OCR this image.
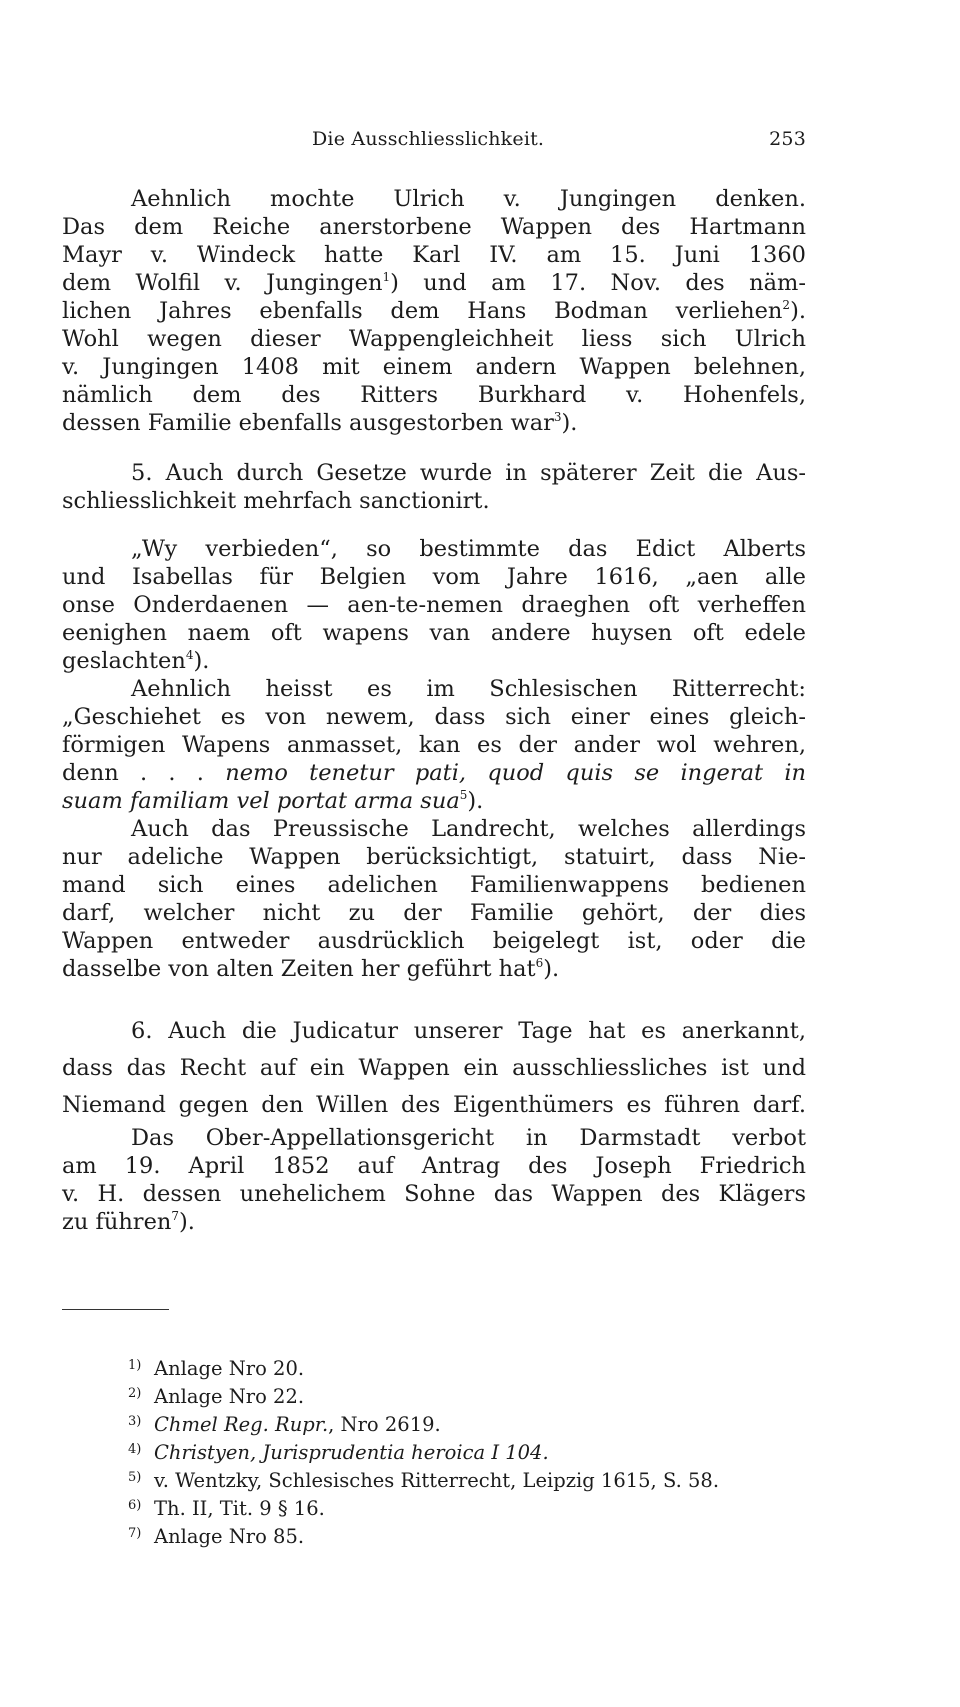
Die Ausschliesslichkeit.	253
Aehnlich mochte Ulrich v. Jungingen denken.
Das dem Reiche anerstorbene Wappen des Hartmann
Mayr v. Windeck hatte Karl IV. am 15. Juni 1360
dem Wolfil v. Jungingen$^1$) und am 17. Nov. des näm-
lichen Jahres ebenfalls dem Hans Bodman verliehen$^2$).
Wohl wegen dieser Wappengleichheit liess sich Ulrich
v. Jungingen 1408 mit einem andern Wappen belehnen,
nämlich dem des Ritters Burkhard v. Hohenfels,
dessen Familie ebenfalls ausgestorben war$^3$).
5. Auch durch Gesetze wurde in späterer Zeit die Aus-
schliesslichkeit mehrfach sanctionirt.
„Wy verbieden“, so bestimmte das Edict Alberts
und Isabellas für Belgien vom Jahre 1616, „aen alle
onse Onderdaenen — aen-te-nemen draeghen oft verheffen
eenighen naem oft wapens van andere huysen oft edele
geslachten$^4$).
Aehnlich heisst es im Schlesischen Ritterrecht:
„Geschiehet es von newem, dass sich einer eines gleich-
förmigen Wapens anmasset, kan es der ander wol wehren,
denn . . . nemo tenetur pati, quod quis se ingerat in
suam familiam vel portat arma sua$^5$).
Auch das Preussische Landrecht, welches allerdings
nur adeliche Wappen berücksichtigt, statuirt, dass Nie-
mand sich eines adelichen Familienwappens bedienen
darf, welcher nicht zu der Familie gehört, der dies
Wappen entweder ausdrücklich beigelegt ist, oder die
dasselbe von alten Zeiten her geführt hat$^6$).
6. Auch die Judicatur unserer Tage hat es anerkannt,
dass das Recht auf ein Wappen ein ausschliessliches ist und
Niemand gegen den Willen des Eigenthümers es führen darf.
Das Ober-Appellationsgericht in Darmstadt verbot
am 19. April 1852 auf Antrag des Joseph Friedrich
v. H. dessen unehelichem Sohne das Wappen des Klägers
zu führen$^7$).
1) Anlage Nro 20.
2) Anlage Nro 22.
3) Chmel Reg. Rupr., Nro 2619.
4) Christyen, Jurisprudentia heroica I 104.
5) v. Wentzky, Schlesisches Ritterrecht, Leipzig 1615, S. 58.
6) Th. II, Tit. 9 § 16.
7) Anlage Nro 85.
